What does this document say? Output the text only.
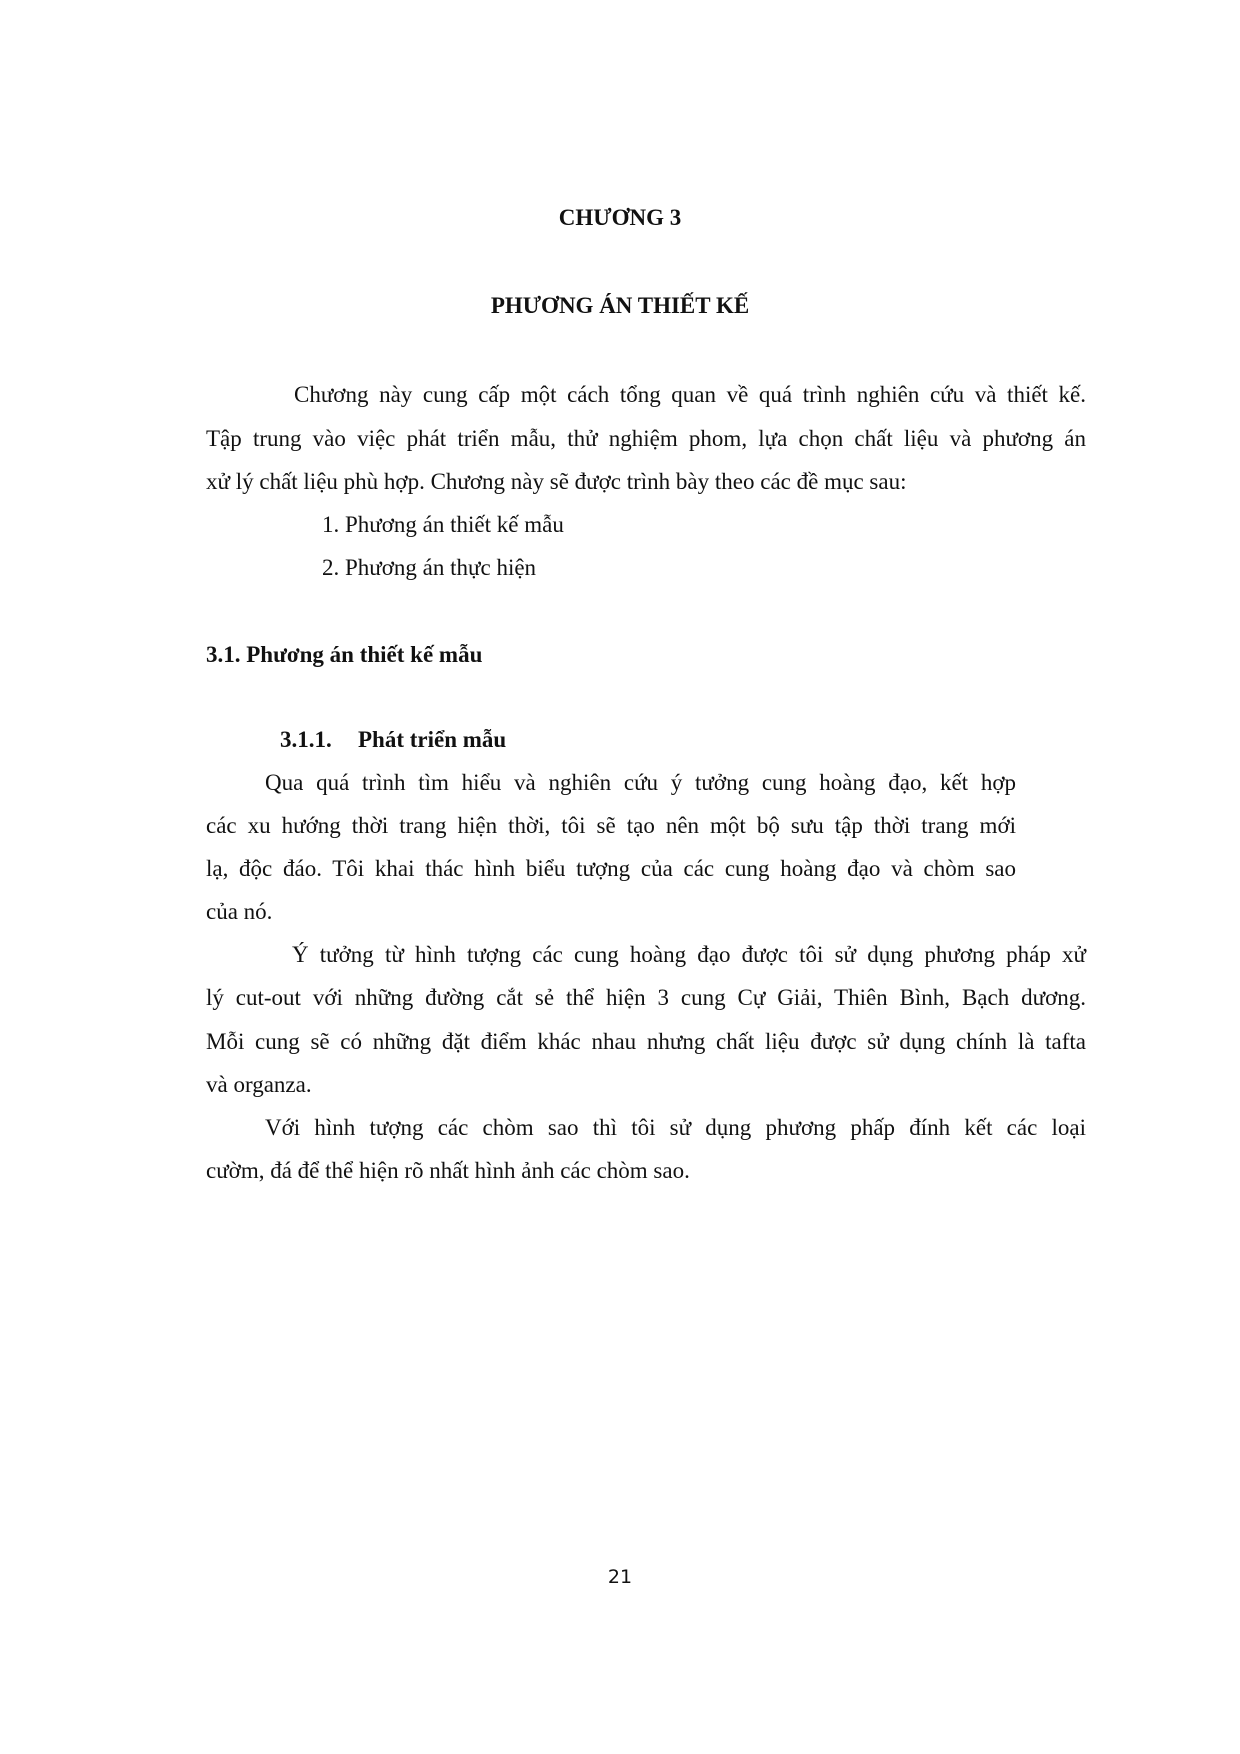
CHƯƠNG 3
PHƯƠNG ÁN THIẾT KẾ
Chương này cung cấp một cách tổng quan về quá trình nghiên cứu và thiết kế.
Tập trung vào việc phát triển mẫu, thử nghiệm phom, lựa chọn chất liệu và phương án
xử lý chất liệu phù hợp. Chương này sẽ được trình bày theo các đề mục sau:
1. Phương án thiết kế mẫu
2. Phương án thực hiện
3.1. Phương án thiết kế mẫu
3.1.1. Phát triển mẫu
Qua quá trình tìm hiểu và nghiên cứu ý tưởng cung hoàng đạo, kết hợp
các xu hướng thời trang hiện thời, tôi sẽ tạo nên một bộ sưu tập thời trang mới
lạ, độc đáo. Tôi khai thác hình biểu tượng của các cung hoàng đạo và chòm sao
của nó.
Ý tưởng từ hình tượng các cung hoàng đạo được tôi sử dụng phương pháp xử
lý cut-out với những đường cắt sẻ thể hiện 3 cung Cự Giải, Thiên Bình, Bạch dương.
Mỗi cung sẽ có những đặt điểm khác nhau nhưng chất liệu được sử dụng chính là tafta
và organza.
Với hình tượng các chòm sao thì tôi sử dụng phương phấp đính kết các loại
cườm, đá để thể hiện rõ nhất hình ảnh các chòm sao.
21
